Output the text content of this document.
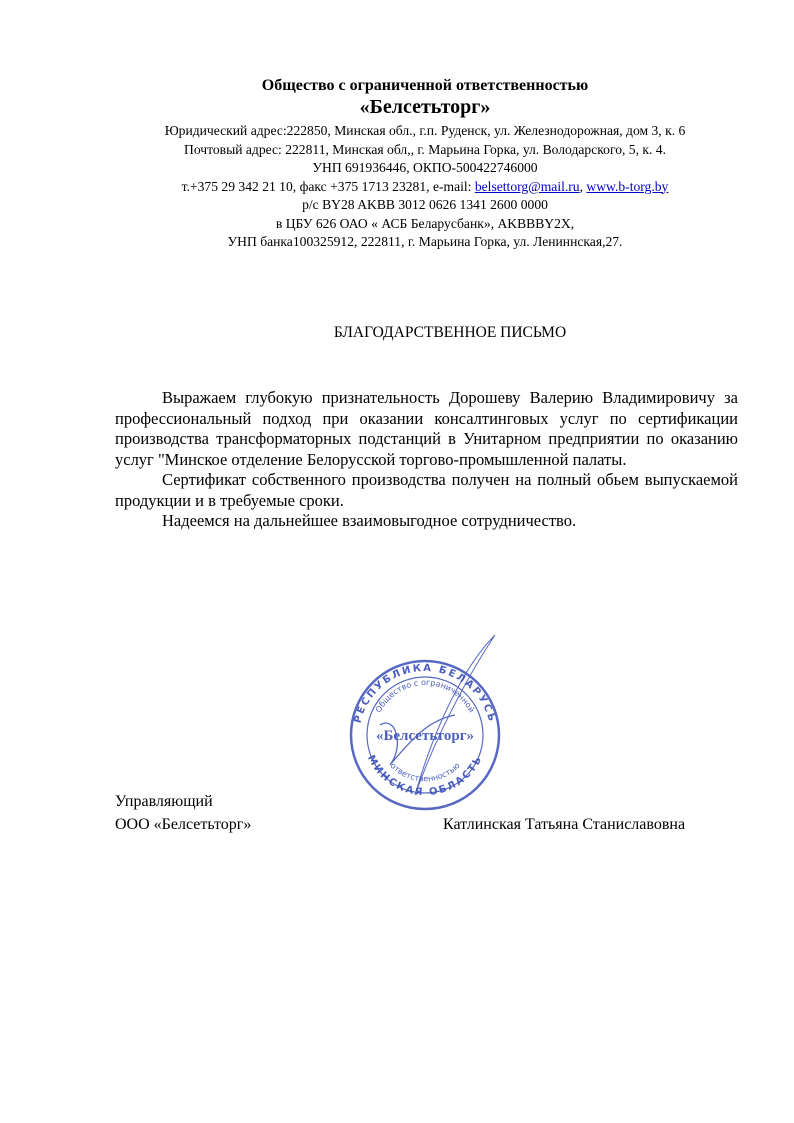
Общество с ограниченной ответственностью
«Белсетьторг»
Юридический адрес:222850, Минская обл., г.п. Руденск, ул. Железнодорожная, дом 3, к. 6
Почтовый адрес: 222811, Минская обл,, г. Марьина Горка, ул. Володарского, 5, к. 4.
УНП 691936446, ОКПО-500422746000
т.+375 29 342 21 10, факс +375 1713 23281, e-mail: belsettorg@mail.ru, www.b-torg.by
р/с BY28 AKBB 3012 0626 1341 2600 0000
в ЦБУ 626 ОАО « АСБ Беларусбанк», AKBBBY2X,
УНП банка100325912, 222811, г. Марьина Горка, ул. Лениннская,27.
БЛАГОДАРСТВЕННОЕ ПИСЬМО

Выражаем глубокую признательность Дорошеву Валерию Владимировичу за профессиональный подход при оказании консалтинговых услуг по сертификации производства трансформаторных подстанций в Унитарном предприятии по оказанию услуг "Минское отделение Белорусской торгово-промышленной палаты.

Сертификат собственного производства получен на полный обьем выпускаемой продукции и в требуемые сроки.

Надеемся на дальнейшее взаимовыгодное сотрудничество.

РЕСПУБЛИКА БЕЛАРУСЬ
МИНСКАЯ ОБЛАСТЬ
Общество с ограниченной
ответственностью
«Белсетьторг»
Управляющий
ООО «Белсетьторг»	Катлинская Татьяна Станиславовна
